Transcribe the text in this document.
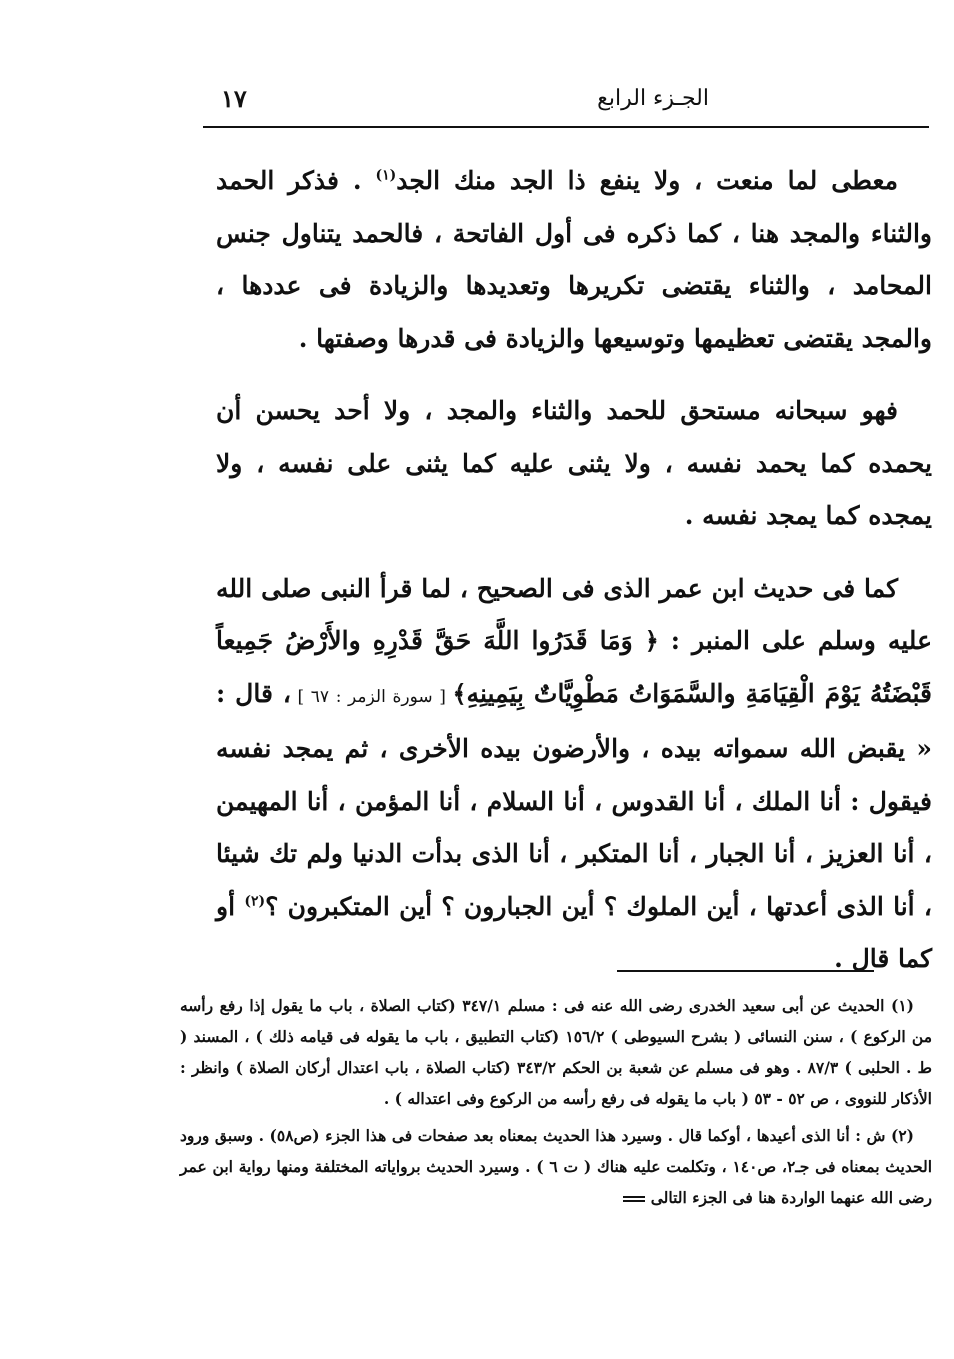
الجـزء الرابع
١٧

معطى لما منعت ، ولا ينفع ذا الجد منك الجد$^{(١)}$ . فذكر الحمد والثناء والمجد هنا ، كما ذكره فى أول الفاتحة ، فالحمد يتناول جنس المحامد ، والثناء يقتضى تكريرها وتعديدها والزيادة فى عددها ، والمجد يقتضى تعظيمها وتوسيعها والزيادة فى قدرها وصفتها .

فهو سبحانه مستحق للحمد والثناء والمجد ، ولا أحد يحسن أن يحمده كما يحمد نفسه ، ولا يثنى عليه كما يثنى على نفسه ، ولا يمجده كما يمجد نفسه .

كما فى حديث ابن عمر الذى فى الصحيح ، لما قرأ النبى صلى الله عليه وسلم على المنبر : ﴿ وَمَا قَدَرُوا اللَّهَ حَقَّ قَدْرِهِ والأَرْضُ جَمِيعاً قَبْضَتُهُ يَوْمَ الْقِيَامَةِ والسَّمَوَاتُ مَطْوِيَّاتٌ بِيَمِينِهِ﴾ [ سورة الزمر : ٦٧ ] ، قال : « يقبض الله سمواته بيده ، والأرضون بيده الأخرى ، ثم يمجد نفسه فيقول : أنا الملك ، أنا القدوس ، أنا السلام ، أنا المؤمن ، أنا المهيمن ، أنا العزيز ، أنا الجبار ، أنا المتكبر ، أنا الذى بدأت الدنيا ولم تك شيئا ، أنا الذى أعدتها ، أين الملوك ؟ أين الجبارون ؟ أين المتكبرون ؟$^{(٢)}$ أو كما قال .

(١) الحديث عن أبى سعيد الخدرى رضى الله عنه فى : مسلم ٣٤٧/١ (كتاب الصلاة ، باب ما يقول إذا رفع رأسه من الركوع ) ، سنن النسائى ( بشرح السيوطى ) ١٥٦/٢ (كتاب التطبيق ، باب ما يقوله فى قيامه ذلك ) ، المسند ( ط . الحلبى ) ٨٧/٣ . وهو فى مسلم عن شعبة بن الحكم ٣٤٣/٢ (كتاب الصلاة ، باب اعتدال أركان الصلاة ) وانظر : الأذكار للنووى ، ص ٥٢ - ٥٣ ( باب ما يقوله فى رفع رأسه من الركوع وفى اعتداله ) .

(٢) ش : أنا الذى أعيدها ، أوكما قال . وسيرد هذا الحديث بمعناه بعد صفحات فى هذا الجزء (ص٥٨) . وسبق ورود الحديث بمعناه فى جـ٢، ص١٤٠ ، وتكلمت عليه هناك ( ت ٦ ) . وسيرد الحديث برواياته المختلفة ومنها رواية ابن عمر رضى الله عنهما الواردة هنا فى الجزء التالى
